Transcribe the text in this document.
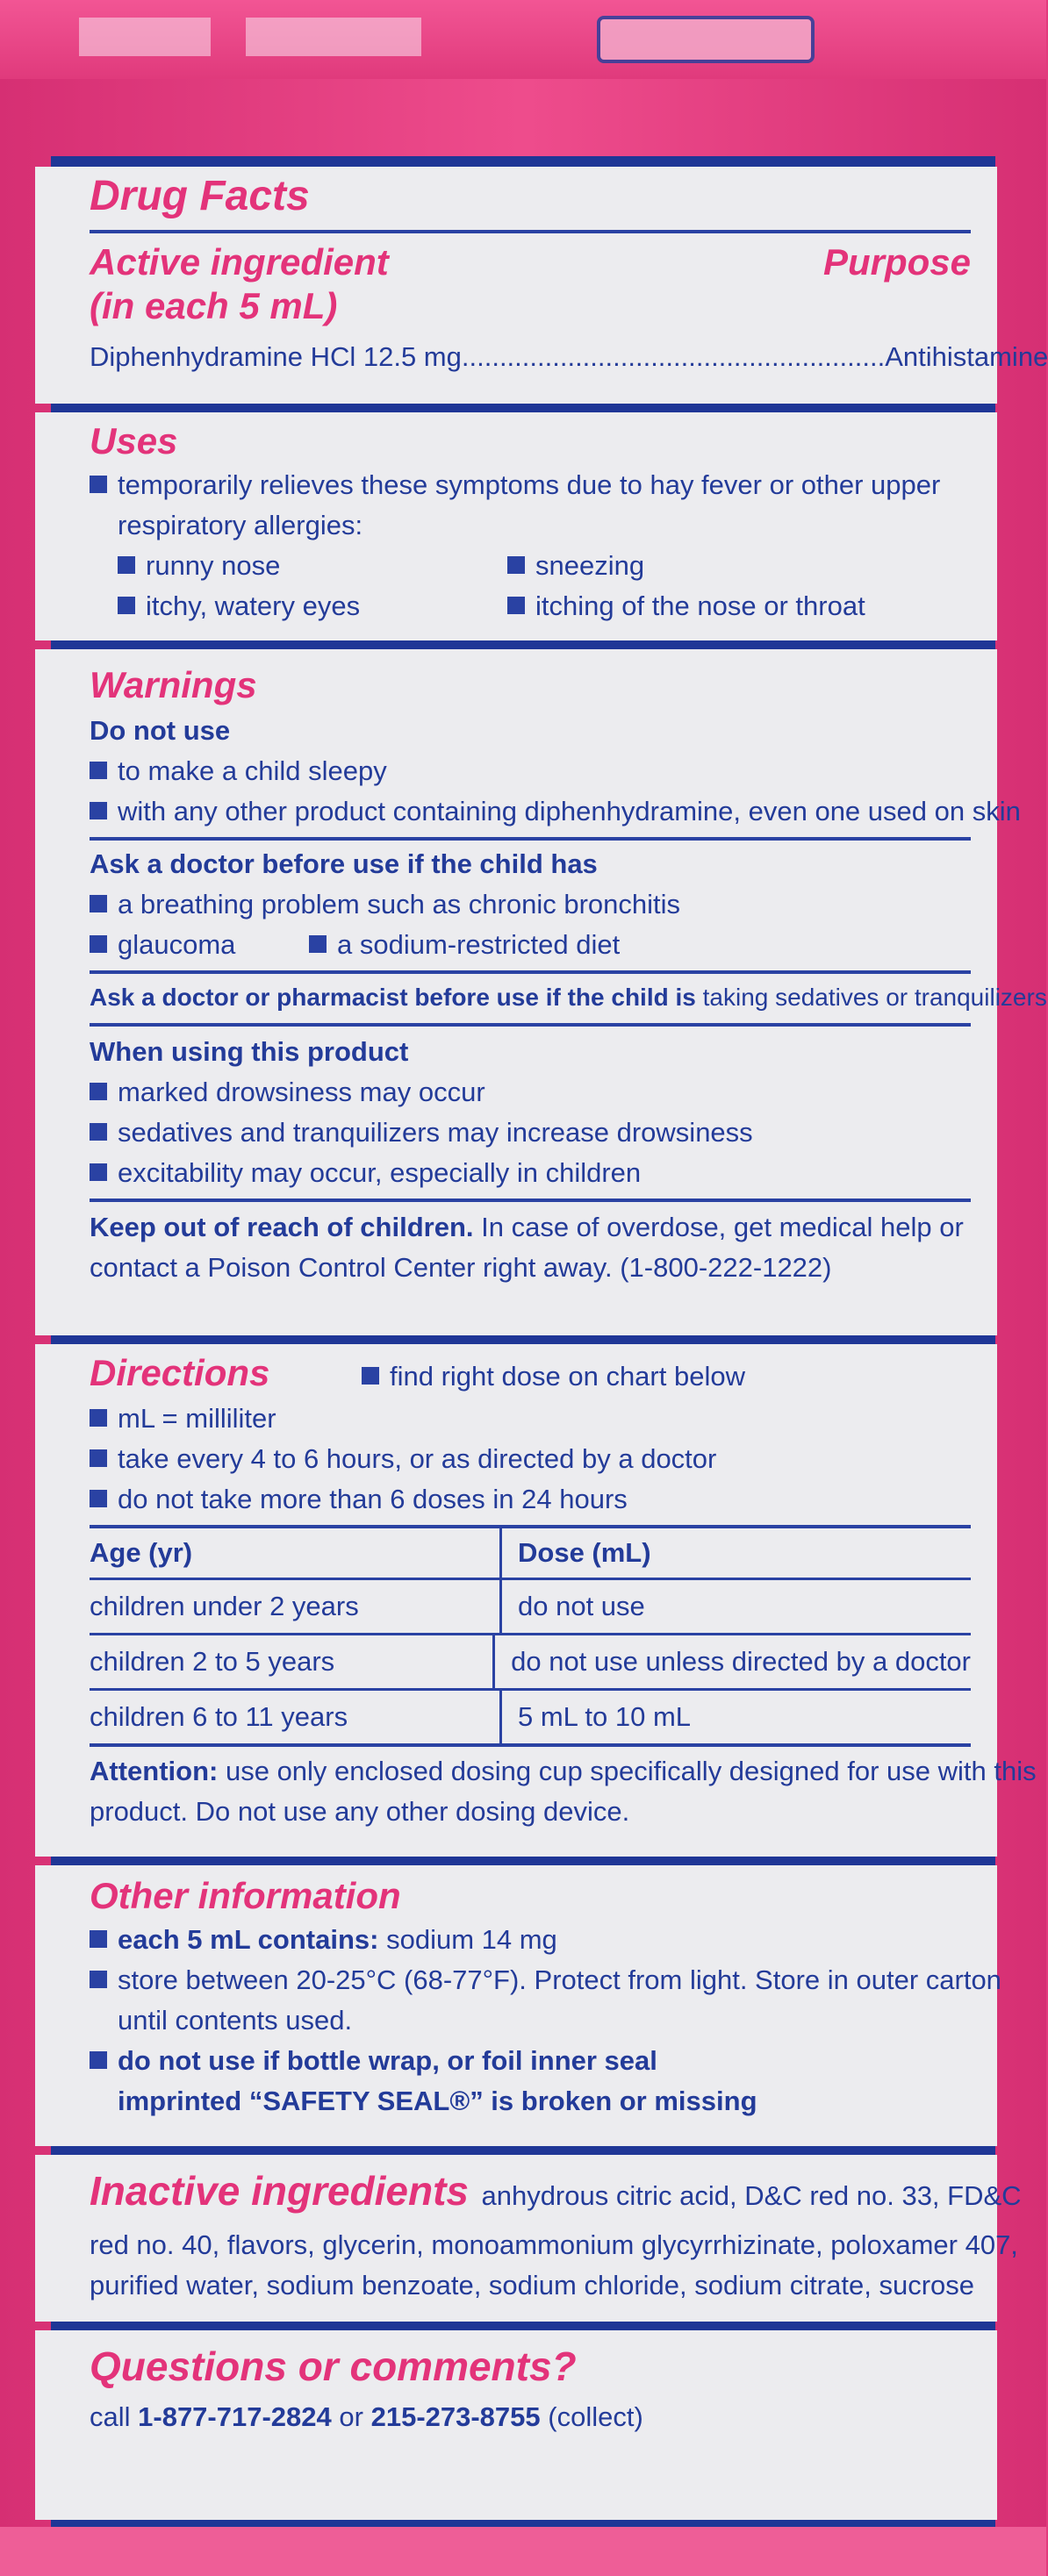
Drug Facts
Active ingredient	Purpose
(in each 5 mL)
Diphenhydramine HCl 12.5 mg ........................................................ Antihistamine
Uses
temporarily relieves these symptoms due to hay fever or other upper
respiratory allergies:
runny nose	sneezing
itchy, watery eyes	itching of the nose or throat
Warnings
Do not use
to make a child sleepy
with any other product containing diphenhydramine, even one used on skin
Ask a doctor before use if the child has
a breathing problem such as chronic bronchitis
glaucoma	a sodium-restricted diet
Ask a doctor or pharmacist before use if the child is taking sedatives or tranquilizers
When using this product
marked drowsiness may occur
sedatives and tranquilizers may increase drowsiness
excitability may occur, especially in children
Keep out of reach of children. In case of overdose, get medical help or
contact a Poison Control Center right away. (1-800-222-1222)
Directions	find right dose on chart below
mL = milliliter
take every 4 to 6 hours, or as directed by a doctor
do not take more than 6 doses in 24 hours
Age (yr)	Dose (mL)
children under 2 years	do not use
children 2 to 5 years	do not use unless directed by a doctor
children 6 to 11 years	5 mL to 10 mL
Attention: use only enclosed dosing cup specifically designed for use with this
product. Do not use any other dosing device.
Other information
each 5 mL contains: sodium 14 mg
store between 20-25°C (68-77°F). Protect from light. Store in outer carton
until contents used.
do not use if bottle wrap, or foil inner seal
imprinted “SAFETY SEAL®” is broken or missing
Inactive ingredients anhydrous citric acid, D&C red no. 33, FD&C
red no. 40, flavors, glycerin, monoammonium glycyrrhizinate, poloxamer 407,
purified water, sodium benzoate, sodium chloride, sodium citrate, sucrose
Questions or comments?
call 1-877-717-2824 or 215-273-8755 (collect)
